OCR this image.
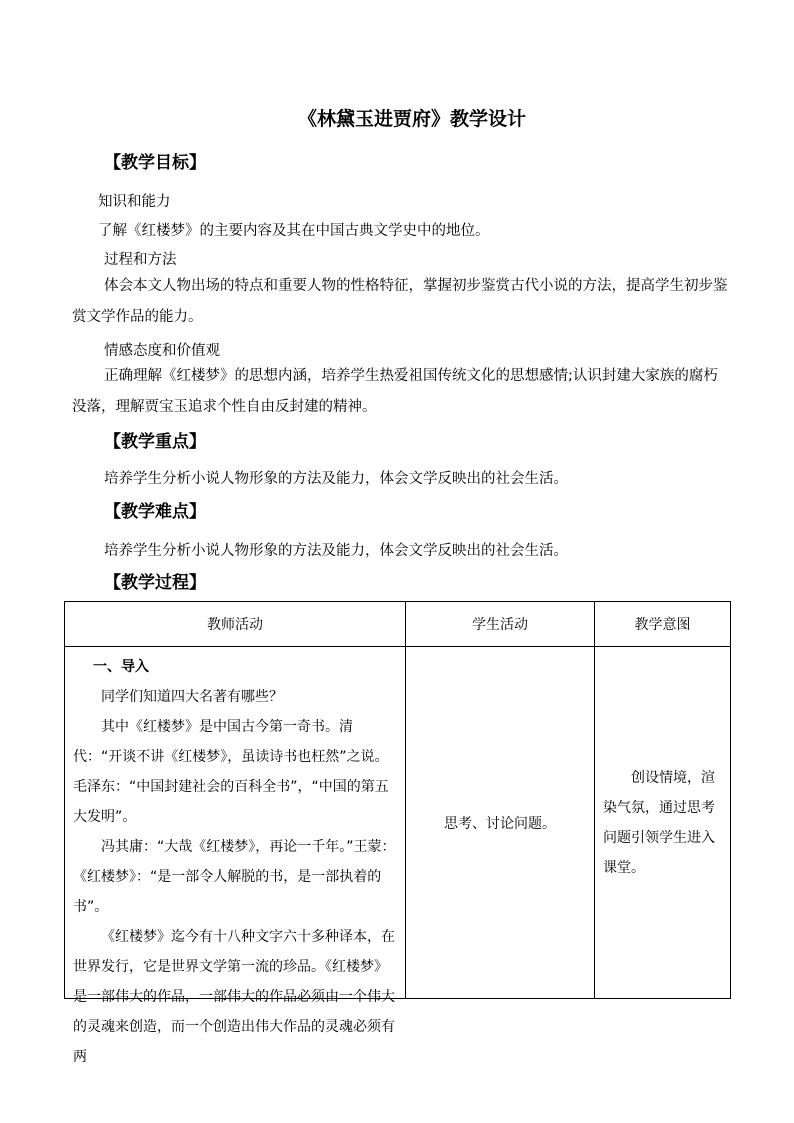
《林黛玉进贾府》教学设计
【教学目标】
知识和能力
了解《红楼梦》的主要内容及其在中国古典文学史中的地位。
过程和方法
体会本文人物出场的特点和重要人物的性格特征，掌握初步鉴赏古代小说的方法，提高学生初步鉴赏文学作品的能力。
情感态度和价值观
正确理解《红楼梦》的思想内涵，培养学生热爱祖国传统文化的思想感情;认识封建大家族的腐朽没落，理解贾宝玉追求个性自由反封建的精神。
【教学重点】
培养学生分析小说人物形象的方法及能力，体会文学反映出的社会生活。
【教学难点】
培养学生分析小说人物形象的方法及能力，体会文学反映出的社会生活。
【教学过程】
教师活动	学生活动	教学意图

一、导入

同学们知道四大名著有哪些？

其中《红楼梦》是中国古今第一奇书。清代：“开谈不讲《红楼梦》，虽读诗书也枉然”之说。毛泽东：“中国封建社会的百科全书”，“中国的第五大发明”。

冯其庸：“大哉《红楼梦》，再论一千年。”王蒙：《红楼梦》：“是一部令人解脱的书，是一部执着的书”。

《红楼梦》迄今有十八种文字六十多种译本，在世界发行，它是世界文学第一流的珍品。《红楼梦》是一部伟大的作品，一部伟大的作品必须由一个伟大的灵魂来创造，而一个创造出伟大作品的灵魂必须有两	思考、讨论问题。	创设情境，渲染气氛，通过思考问题引领学生进入课堂。
